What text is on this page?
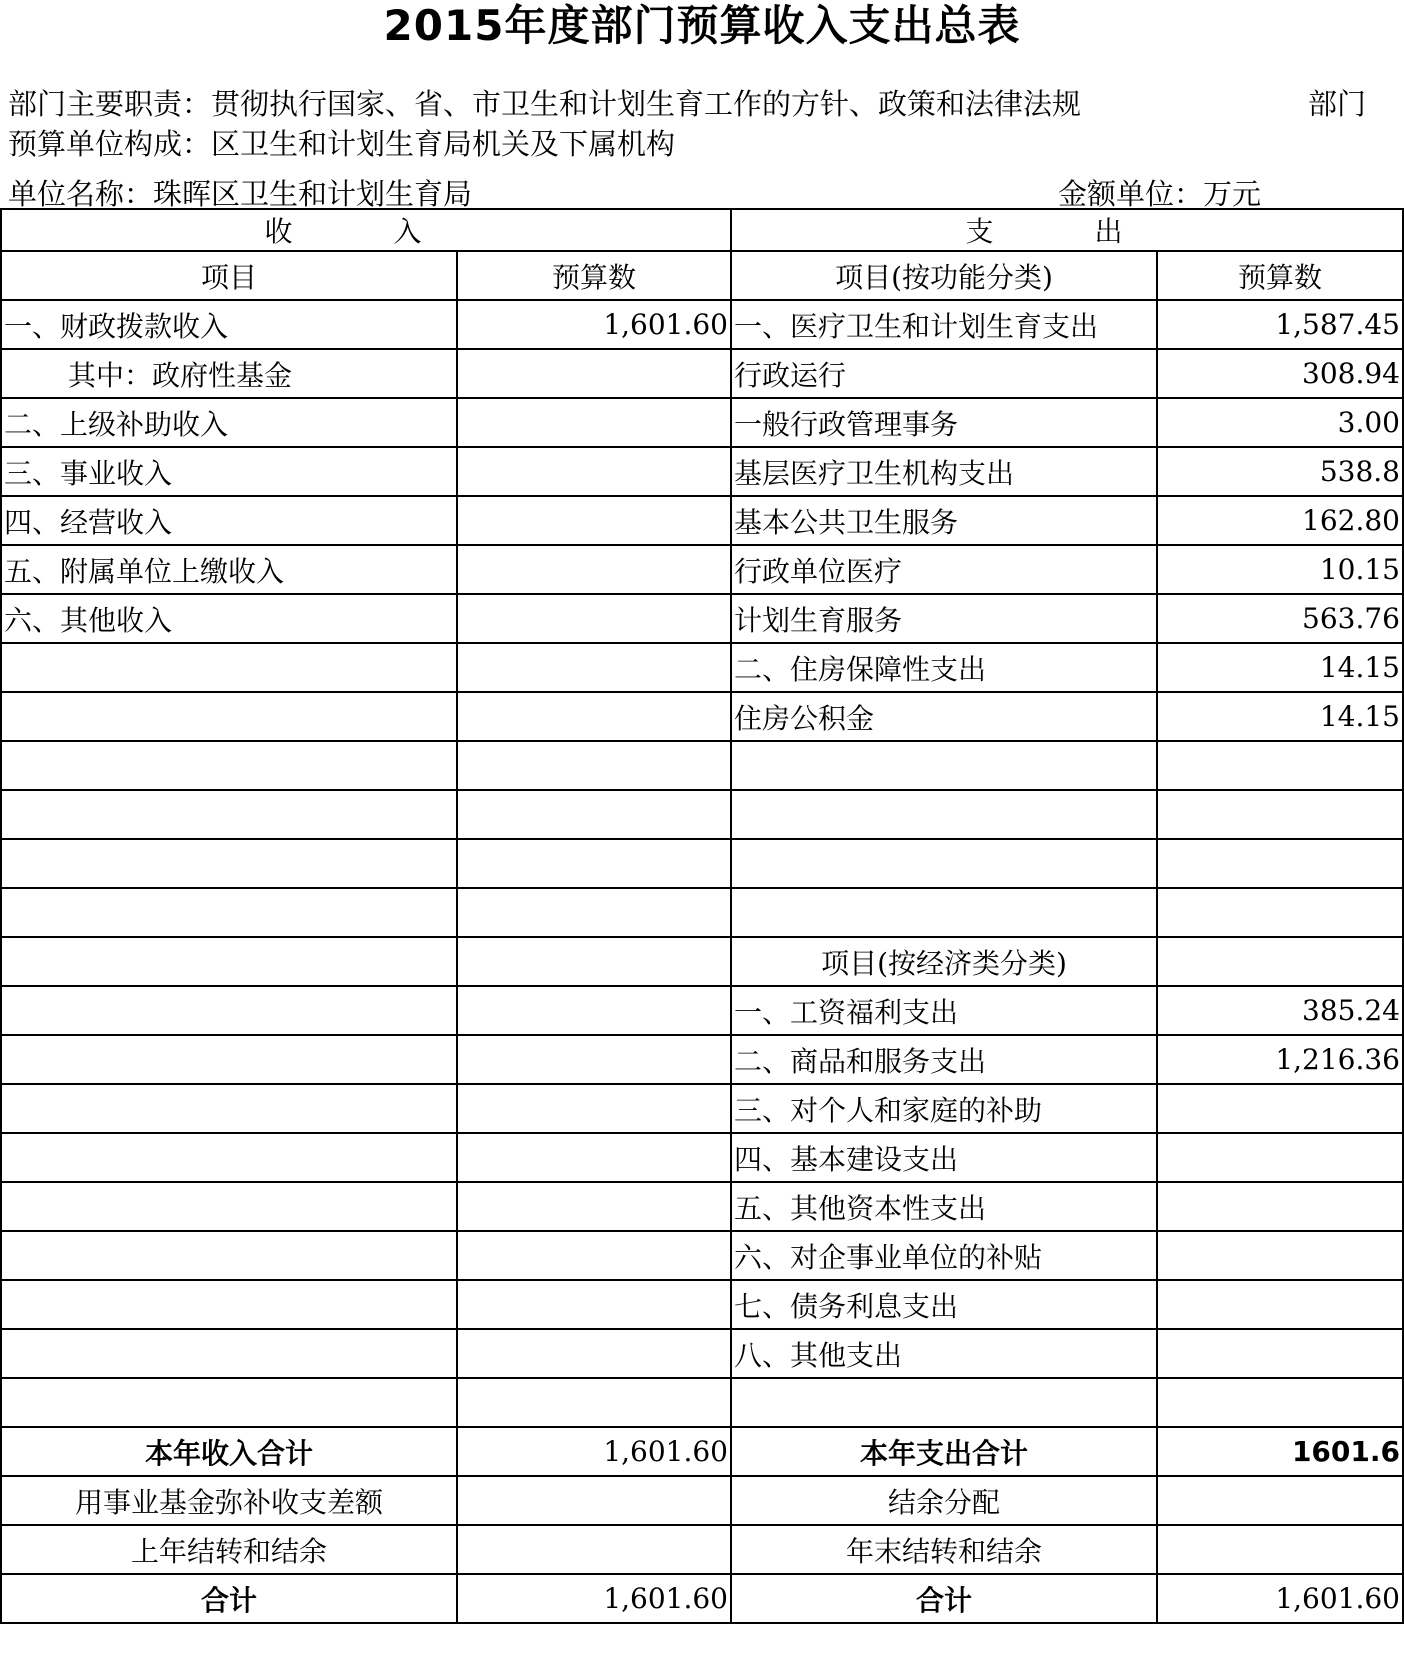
2015年度部门预算收入支出总表
部门主要职责：贯彻执行国家、省、市卫生和计划生育工作的方针、政策和法律法规	部门
预算单位构成：区卫生和计划生育局机关及下属机构
单位名称：珠晖区卫生和计划生育局	金额单位：万元
收 入		支 出	
项目	预算数	项目(按功能分类)	预算数
一、财政拨款收入	1,601.60	一、医疗卫生和计划生育支出	1,587.45
其中：政府性基金		行政运行	308.94
二、上级补助收入		一般行政管理事务	3.00
三、事业收入		基层医疗卫生机构支出	538.8
四、经营收入		基本公共卫生服务	162.80
五、附属单位上缴收入		行政单位医疗	10.15
六、其他收入		计划生育服务	563.76
		二、住房保障性支出	14.15
		住房公积金	14.15

		项目(按经济类分类)	
		一、工资福利支出	385.24
		二、商品和服务支出	1,216.36
		三、对个人和家庭的补助	
		四、基本建设支出	
		五、其他资本性支出	
		六、对企事业单位的补贴	
		七、债务利息支出	
		八、其他支出	

本年收入合计	1,601.60	本年支出合计	1601.6
用事业基金弥补收支差额		结余分配	
上年结转和结余		年末结转和结余	
合计	1,601.60	合计	1,601.60
